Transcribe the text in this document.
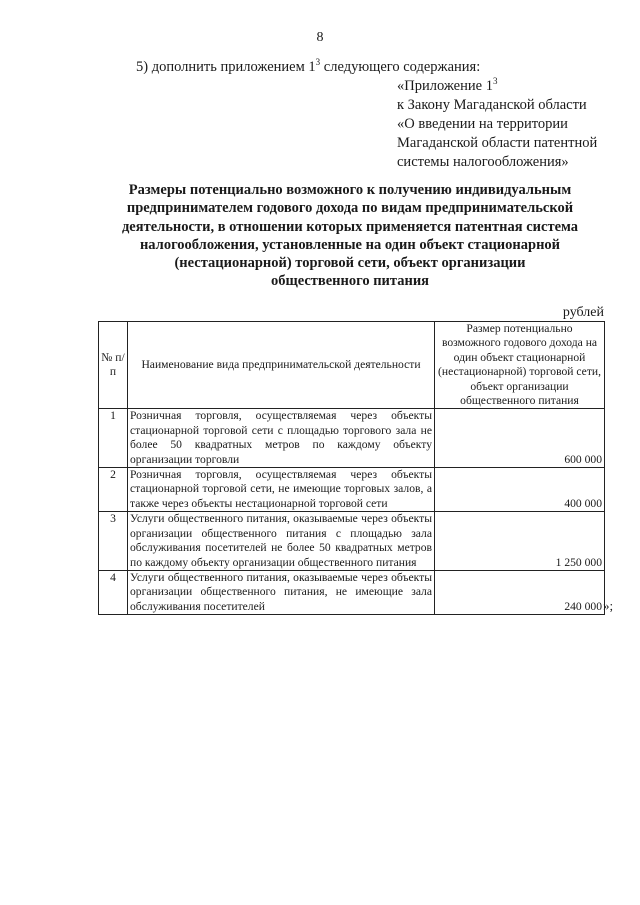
8
5) дополнить приложением $1^3$ следующего содержания:
«Приложение $1^3$
к Закону Магаданской области
«О введении на территории
Магаданской области патентной
системы налогообложения»
Размеры потенциально возможного к получению индивидуальным
предпринимателем годового дохода по видам предпринимательской
деятельности, в отношении которых применяется патентная система
налогообложения, установленные на один объект стационарной
(нестационарной) торговой сети, объект организации
общественного питания
рублей
№ п/п	Наименование вида предпринимательской деятельности	Размер потенциально возможного годового дохода на один объект стационарной (нестационарной) торговой сети, объект организации общественного питания
1	Розничная торговля, осуществляемая через объекты стационарной торговой сети с площадью торгового зала не более 50 квадратных метров по каждому объекту организации торговли	600 000
2	Розничная торговля, осуществляемая через объекты стационарной торговой сети, не имеющие торговых залов, а также через объекты нестационарной торговой сети	400 000
3	Услуги общественного питания, оказываемые через объекты организации общественного питания с площадью зала обслуживания посетителей не более 50 квадратных метров по каждому объекту организации общественного питания	1 250 000
4	Услуги общественного питания, оказываемые через объекты организации общественного питания, не имеющие зала обслуживания посетителей	240 000 »;
